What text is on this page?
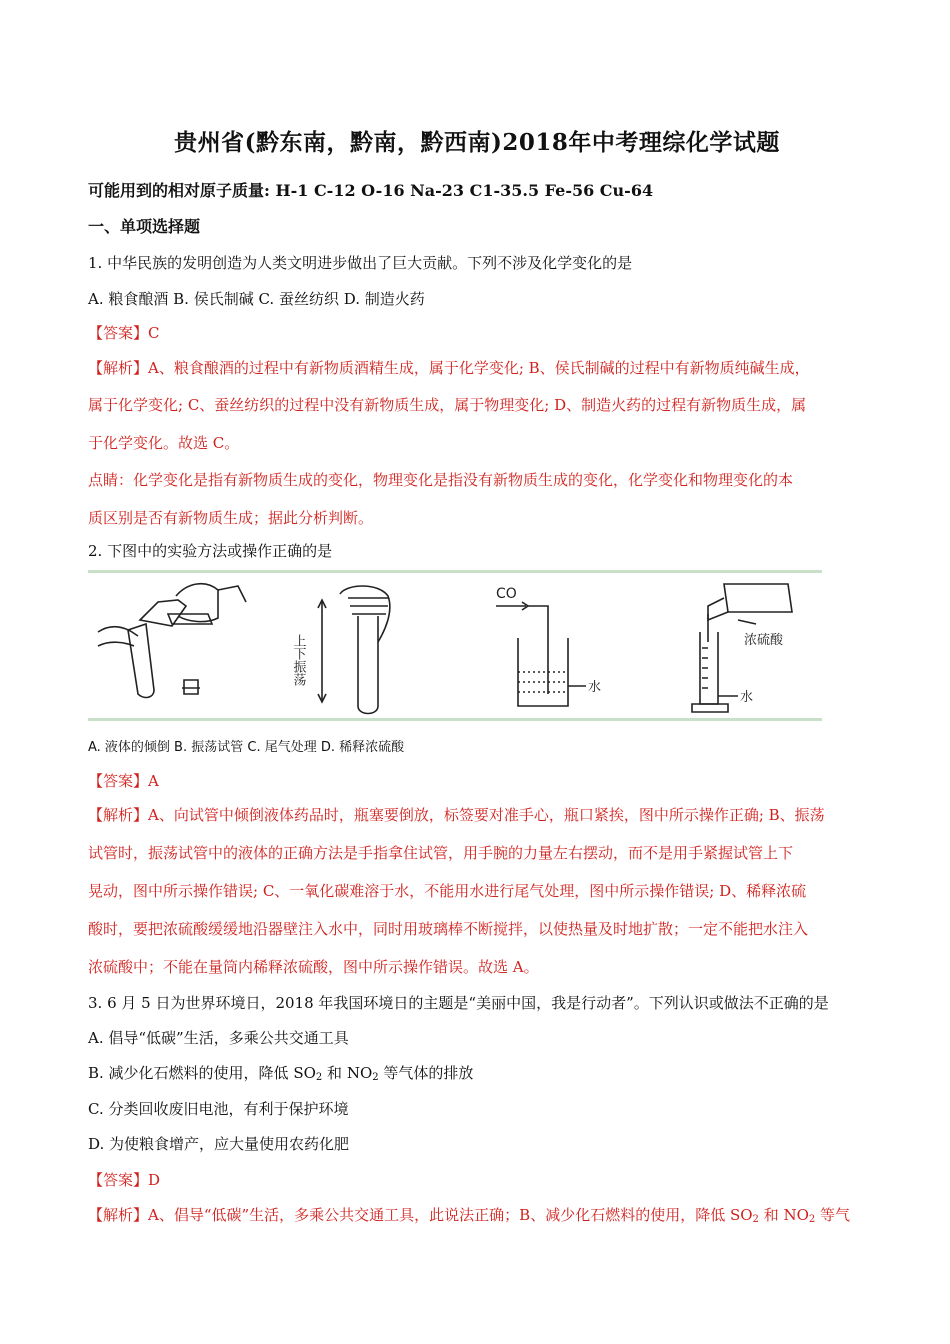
贵州省(黔东南，黔南，黔西南)2018年中考理综化学试题
可能用到的相对原子质量: H-1 C-12 O-16 Na-23 C1-35.5 Fe-56 Cu-64
一、单项选择题
1. 中华民族的发明创造为人类文明进步做出了巨大贡献。下列不涉及化学变化的是
A. 粮食酿酒 B. 侯氏制碱 C. 蚕丝纺织 D. 制造火药
【答案】C
【解析】A、粮食酿酒的过程中有新物质酒精生成，属于化学变化; B、侯氏制碱的过程中有新物质纯碱生成，
属于化学变化; C、蚕丝纺织的过程中没有新物质生成，属于物理变化; D、制造火药的过程有新物质生成，属
于化学变化。故选 C。
点睛：化学变化是指有新物质生成的变化，物理变化是指没有新物质生成的变化，化学变化和物理变化的本
质区别是否有新物质生成；据此分析判断。
2. 下图中的实验方法或操作正确的是
上下振荡
CO
水
浓硫酸
水
A. 液体的倾倒 B. 振荡试管 C. 尾气处理 D. 稀释浓硫酸
【答案】A
【解析】A、向试管中倾倒液体药品时，瓶塞要倒放，标签要对准手心，瓶口紧挨，图中所示操作正确; B、振荡
试管时，振荡试管中的液体的正确方法是手指拿住试管，用手腕的力量左右摆动，而不是用手紧握试管上下
晃动，图中所示操作错误; C、一氧化碳难溶于水，不能用水进行尾气处理，图中所示操作错误; D、稀释浓硫
酸时，要把浓硫酸缓缓地沿器壁注入水中，同时用玻璃棒不断搅拌，以使热量及时地扩散；一定不能把水注入
浓硫酸中；不能在量筒内稀释浓硫酸，图中所示操作错误。故选 A。
3. 6 月 5 日为世界环境日，2018 年我国环境日的主题是“美丽中国，我是行动者”。下列认识或做法不正确的是
A. 倡导“低碳”生活，多乘公共交通工具
B. 减少化石燃料的使用，降低 $SO_2$ 和 $NO_2$ 等气体的排放
C. 分类回收废旧电池，有利于保护环境
D. 为使粮食增产，应大量使用农药化肥
【答案】D
【解析】A、倡导“低碳”生活，多乘公共交通工具，此说法正确；B、减少化石燃料的使用，降低 $SO_2$ 和 $NO_2$ 等气
